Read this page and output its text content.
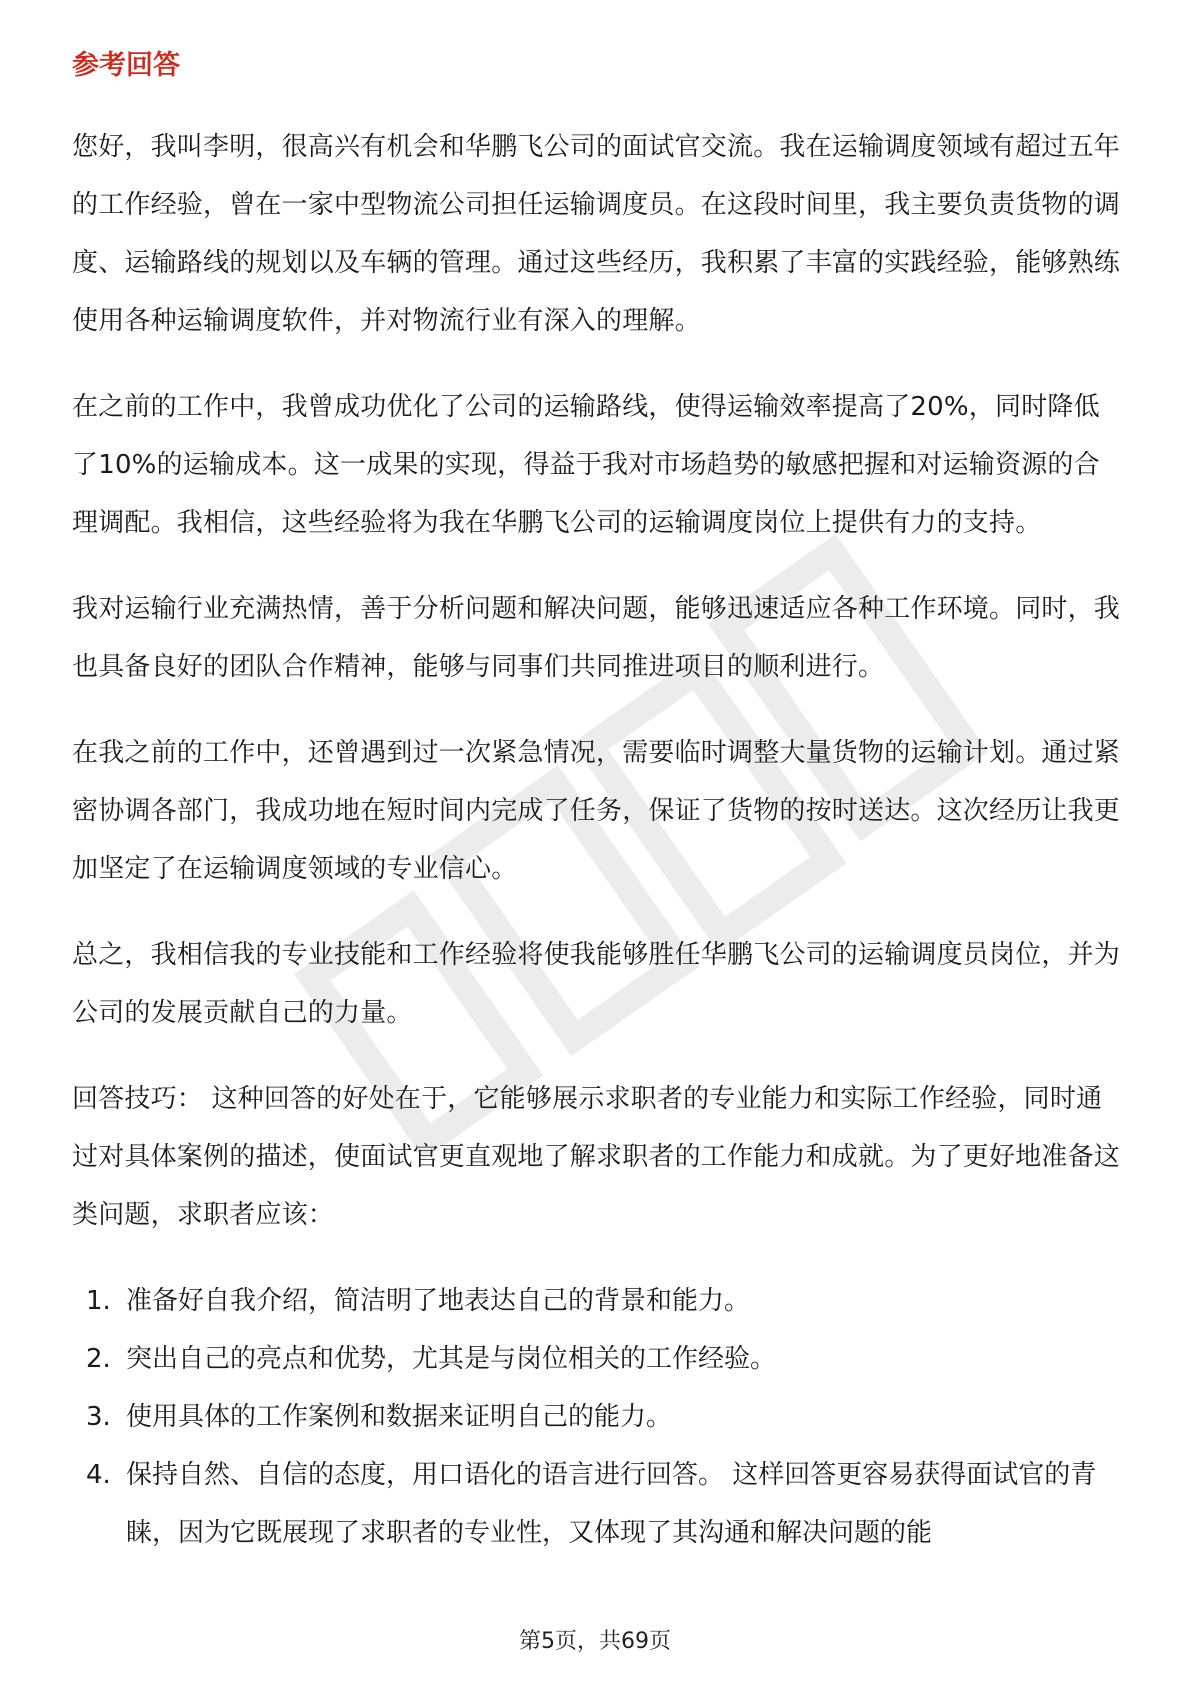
参考回答

您好，我叫李明，很高兴有机会和华鹏飞公司的面试官交流。我在运输调度领域有超过五年的工作经验，曾在一家中型物流公司担任运输调度员。在这段时间里，我主要负责货物的调度、运输路线的规划以及车辆的管理。通过这些经历，我积累了丰富的实践经验，能够熟练使用各种运输调度软件，并对物流行业有深入的理解。

在之前的工作中，我曾成功优化了公司的运输路线，使得运输效率提高了20%，同时降低了10%的运输成本。这一成果的实现，得益于我对市场趋势的敏感把握和对运输资源的合理调配。我相信，这些经验将为我在华鹏飞公司的运输调度岗位上提供有力的支持。

我对运输行业充满热情，善于分析问题和解决问题，能够迅速适应各种工作环境。同时，我也具备良好的团队合作精神，能够与同事们共同推进项目的顺利进行。

在我之前的工作中，还曾遇到过一次紧急情况，需要临时调整大量货物的运输计划。通过紧密协调各部门，我成功地在短时间内完成了任务，保证了货物的按时送达。这次经历让我更加坚定了在运输调度领域的专业信心。

总之，我相信我的专业技能和工作经验将使我能够胜任华鹏飞公司的运输调度员岗位，并为公司的发展贡献自己的力量。

回答技巧： 这种回答的好处在于，它能够展示求职者的专业能力和实际工作经验，同时通过对具体案例的描述，使面试官更直观地了解求职者的工作能力和成就。为了更好地准备这类问题，求职者应该：

1. 准备好自我介绍，简洁明了地表达自己的背景和能力。
2. 突出自己的亮点和优势，尤其是与岗位相关的工作经验。
3. 使用具体的工作案例和数据来证明自己的能力。
4. 保持自然、自信的态度，用口语化的语言进行回答。 这样回答更容易获得面试官的青睐，因为它既展现了求职者的专业性，又体现了其沟通和解决问题的能
第5页，共69页
